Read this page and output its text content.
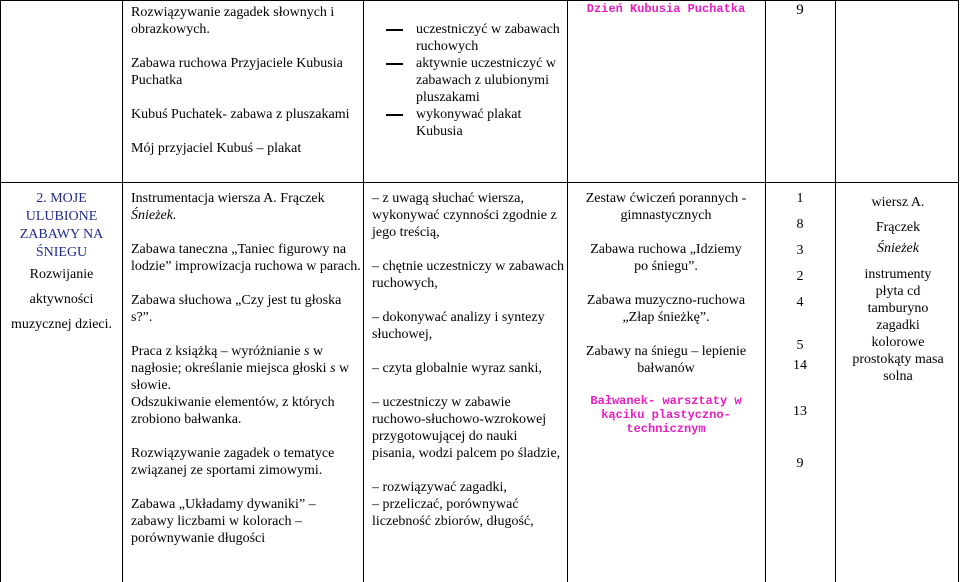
Rozwiązywanie zagadek słownych i obrazkowych.

Zabawa ruchowa Przyjaciele Kubusia Puchatka

Kubuś Puchatek- zabawa z pluszakami

Mój przyjaciel Kubuś – plakat

uczestniczyć w zabawach ruchowych

aktywnie uczestniczyć w zabawach z ulubionymi pluszakami

wykonywać plakat Kubusia

Dzień Kubusia Puchatka	9

2. MOJE ULUBIONE ZABAWY NA ŚNIEGU

Rozwijanie aktywności muzycznej dzieci.

Instrumentacja wiersza A. Frączek Śnieżek.

Zabawa taneczna „Taniec figurowy na lodzie” improwizacja ruchowa w parach.

Zabawa słuchowa „Czy jest tu głoska s?”.

Praca z książką – wyróżnianie s w nagłosie; określanie miejsca głoski s w słowie.

Odszukiwanie elementów, z których zrobiono bałwanka.

Rozwiązywanie zagadek o tematyce związanej ze sportami zimowymi.

Zabawa „Układamy dywaniki” – zabawy liczbami w kolorach – porównywanie długości

– z uwagą słuchać wiersza, wykonywać czynności zgodnie z jego treścią,

– chętnie uczestniczy w zabawach ruchowych,

– dokonywać analizy i syntezy słuchowej,

– czyta globalnie wyraz sanki,

– uczestniczy w zabawie ruchowo-słuchowo-wzrokowej przygotowującej do nauki pisania, wodzi palcem po śladzie,

– rozwiązywać zagadki,

– przeliczać, porównywać liczebność zbiorów, długość,

Zestaw ćwiczeń porannych - gimnastycznych

Zabawa ruchowa „Idziemy po śniegu”.

Zabawa muzyczno-ruchowa „Złap śnieżkę”.

Zabawy na śniegu – lepienie bałwanów

Bałwanek- warsztaty w kąciku plastyczno-technicznym

1

8

3

2

4

5

14

13

9

wiersz A. Frączek

Śnieżek

instrumenty płyta cd tamburyno zagadki kolorowe prostokąty masa solna
